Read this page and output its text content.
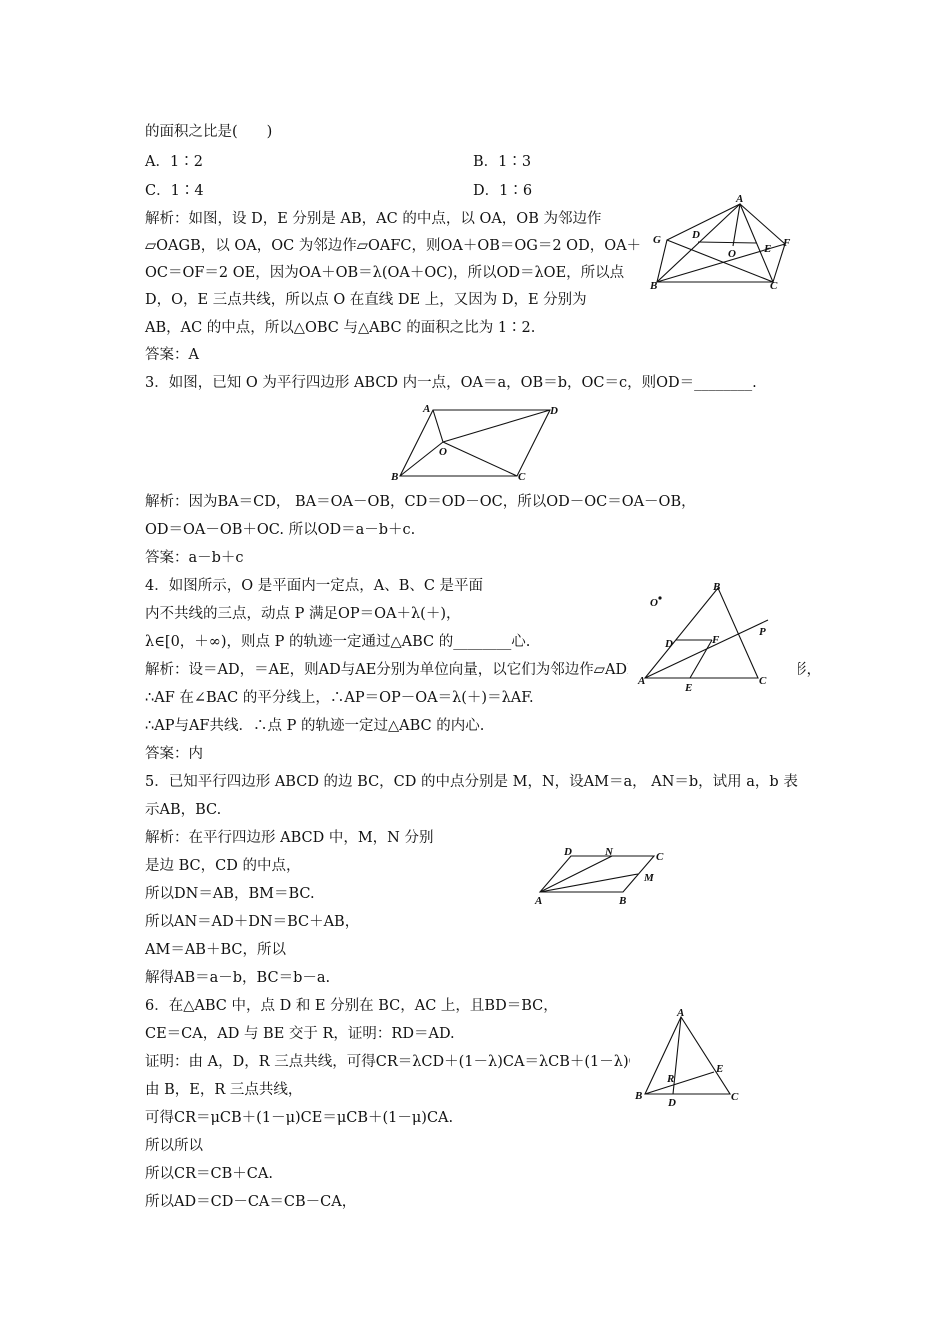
的面积之比是(　　)
A．1∶2	B．1∶3
C．1∶4	D．1∶6
解析：如图，设 D，E 分别是 AB，AC 的中点，以 OA，OB 为邻边作
▱OAGB，以 OA，OC 为邻边作▱OAFC，则OA＋OB＝OG＝2 OD，OA＋
OC＝OF＝2 OE，因为OA＋OB＝λ(OA＋OC)，所以OD＝λOE，所以点
D，O，E 三点共线，所以点 O 在直线 DE 上，又因为 D，E 分别为
AB，AC 的中点，所以△OBC 与△ABC 的面积之比为 1∶2.
答案：A
3．如图，已知 O 为平行四边形 ABCD 内一点，OA＝a，OB＝b，OC＝c，则OD＝________.
解析：因为BA＝CD， BA＝OA－OB，CD＝OD－OC，所以OD－OC＝OA－OB，
OD＝OA－OB＋OC. 所以OD＝a－b＋c.
答案：a－b＋c
4．如图所示，O 是平面内一定点，A、B、C 是平面
内不共线的三点，动点 P 满足OP＝OA＋λ(＋)，
λ∈[0，＋∞)，则点 P 的轨迹一定通过△ABC 的________心.
解析：设＝AD，＝AE，则AD与AE分别为单位向量，以它们为邻边作▱ADFE，则四边形ADFE为菱形，
∴AF 在∠BAC 的平分线上，∴AP＝OP－OA＝λ(＋)＝λAF.
∴AP与AF共线．∴点 P 的轨迹一定过△ABC 的内心.
答案：内
5．已知平行四边形 ABCD 的边 BC，CD 的中点分别是 M，N，设AM＝a， AN＝b，试用 a，b 表
示AB，BC.
解析：在平行四边形 ABCD 中，M，N 分别
是边 BC，CD 的中点，
所以DN＝AB，BM＝BC.
所以AN＝AD＋DN＝BC＋AB，
AM＝AB＋BC，所以
解得AB＝a－b，BC＝b－a.
6．在△ABC 中，点 D 和 E 分别在 BC，AC 上，且BD＝BC，
CE＝CA，AD 与 BE 交于 R，证明：RD＝AD.
证明：由 A，D，R 三点共线，可得CR＝λCD＋(1－λ)CA＝λCB＋(1－λ)CA.
由 B，E，R 三点共线，
可得CR＝μCB＋(1－μ)CE＝μCB＋(1－μ)CA.
所以所以
所以CR＝CB＋CA.
所以AD＝CD－CA＝CB－CA，
A
G	D
O	E F
B	C
A	D
O
B	C
O
B
D	F
P
A
E
C
D	N	C
M
A	B
A
E
R
B
D	C
